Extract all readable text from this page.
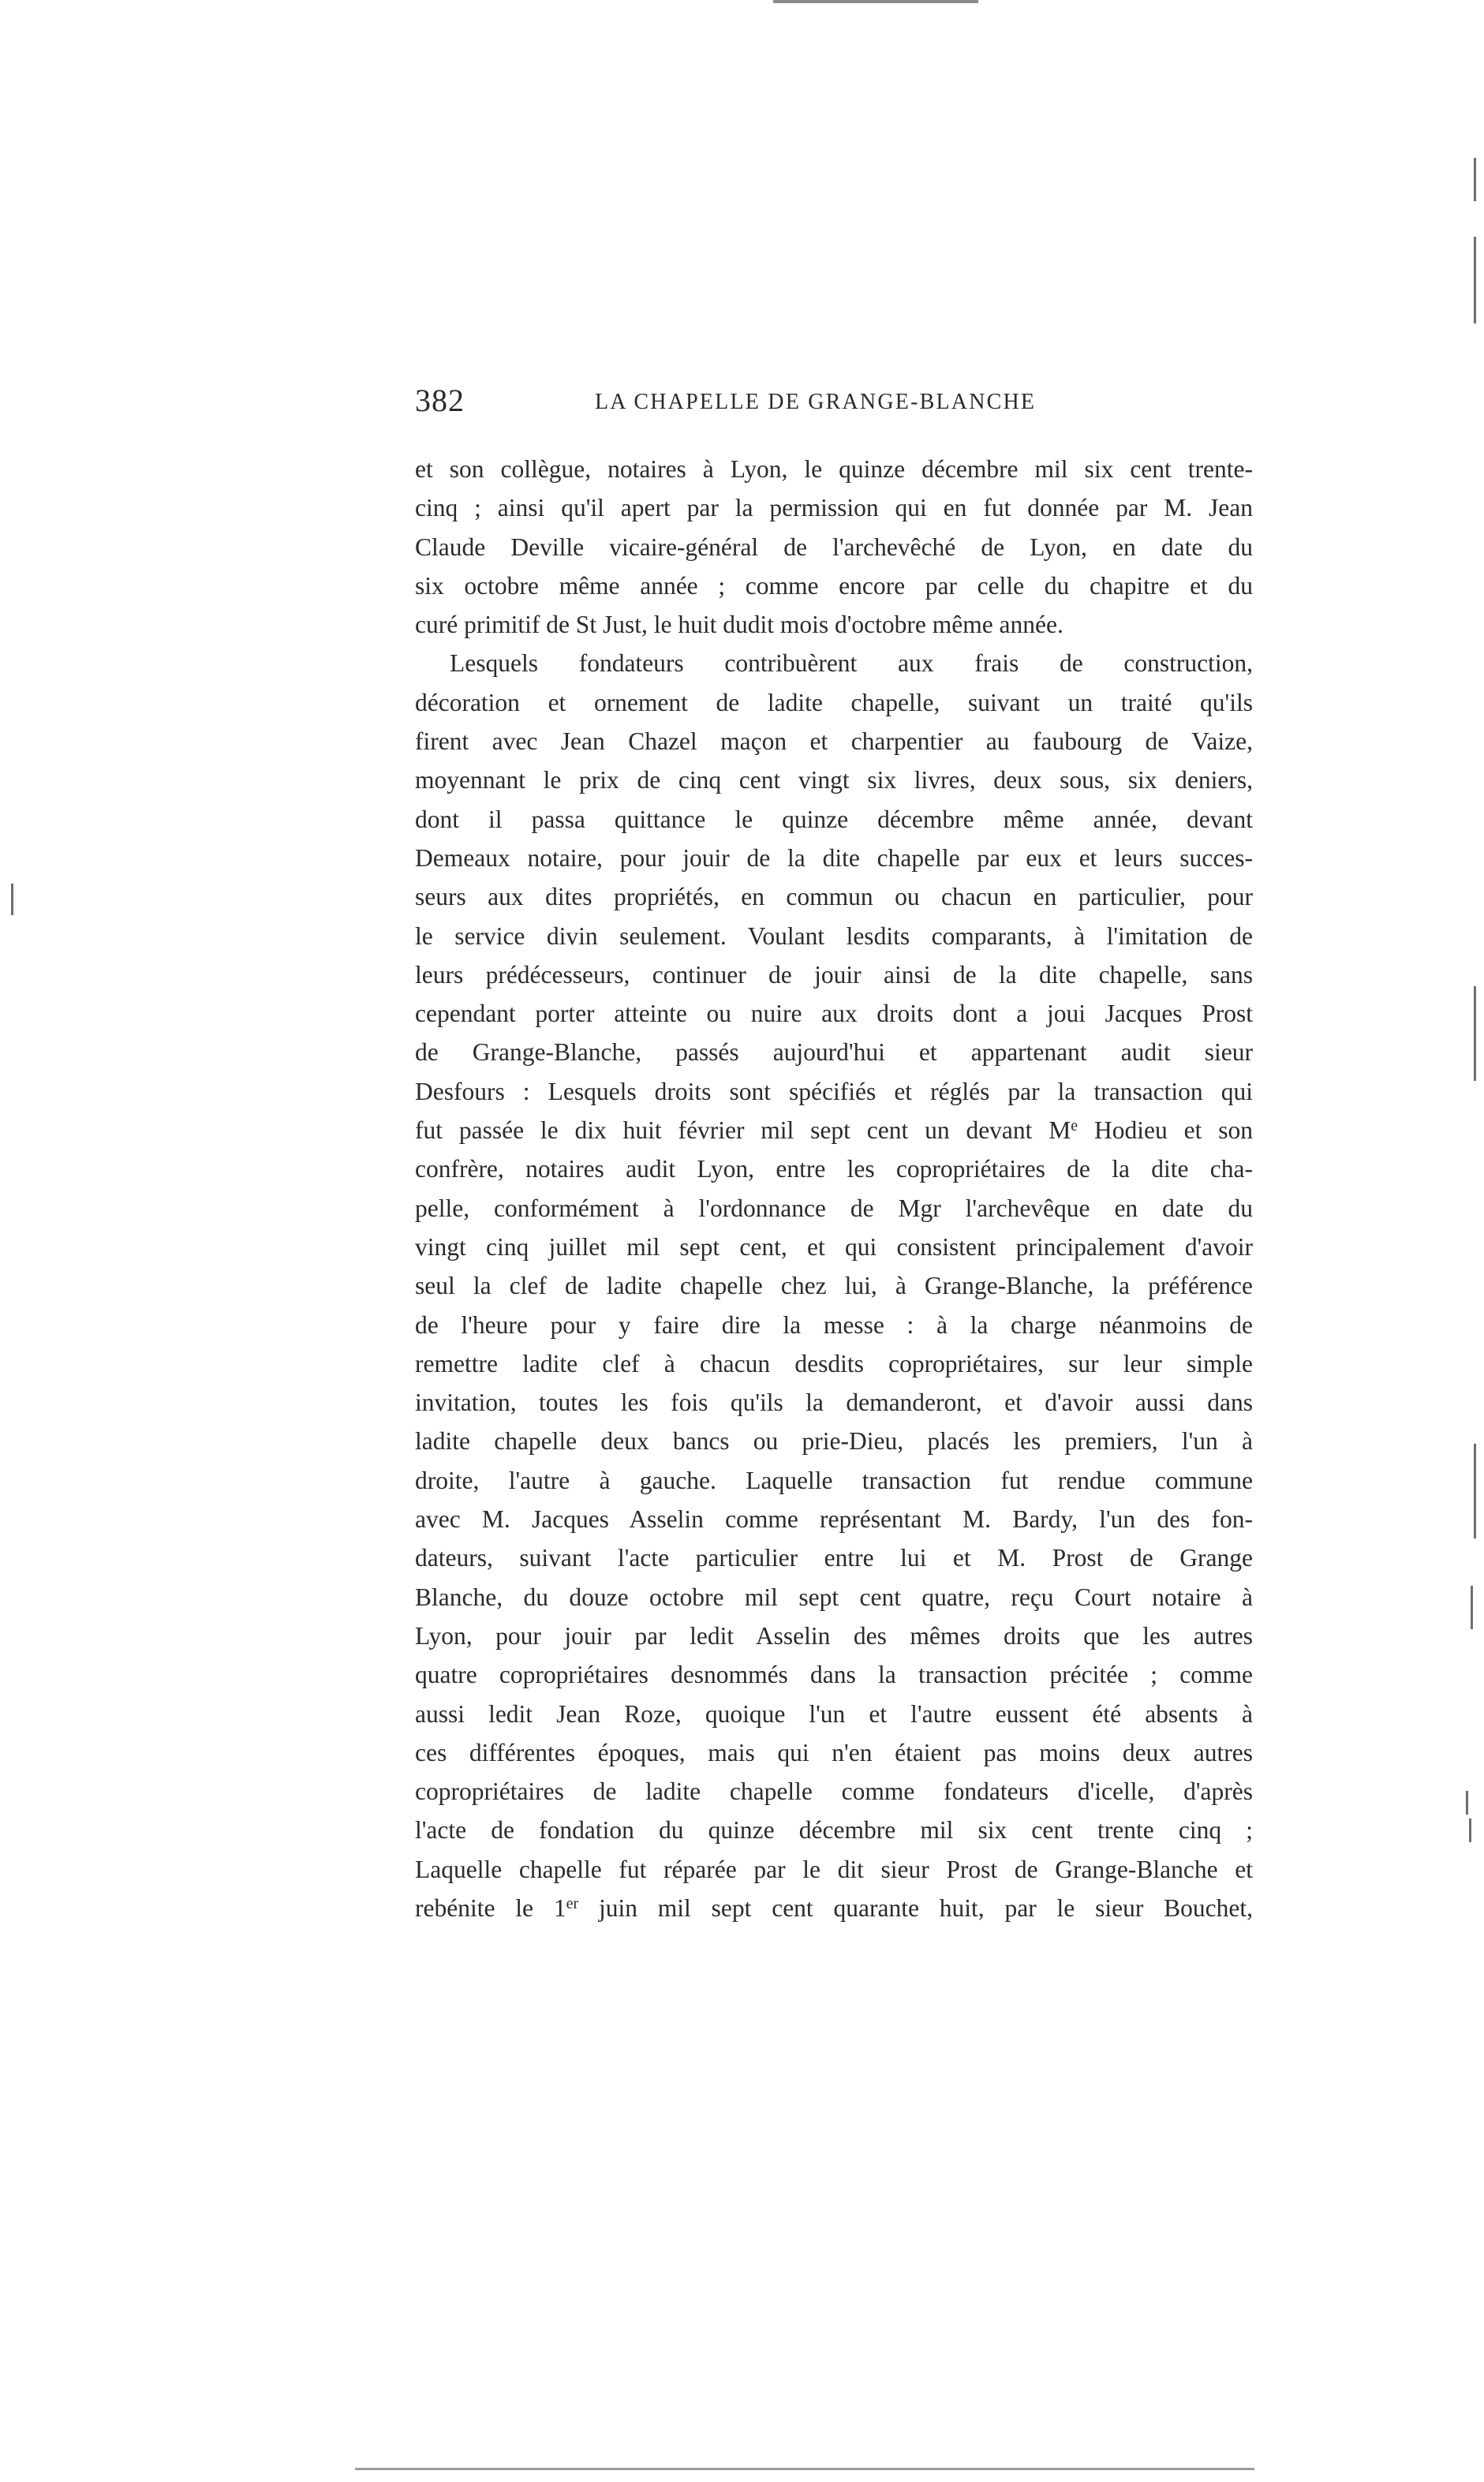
382	LA CHAPELLE DE GRANGE-BLANCHE
et son collègue, notaires à Lyon, le quinze décembre mil six cent trente-
cinq ; ainsi qu'il apert par la permission qui en fut donnée par M. Jean
Claude Deville vicaire-général de l'archevêché de Lyon, en date du
six octobre même année ; comme encore par celle du chapitre et du
curé primitif de St Just, le huit dudit mois d'octobre même année.
Lesquels fondateurs contribuèrent aux frais de construction,
décoration et ornement de ladite chapelle, suivant un traité qu'ils
firent avec Jean Chazel maçon et charpentier au faubourg de Vaize,
moyennant le prix de cinq cent vingt six livres, deux sous, six deniers,
dont il passa quittance le quinze décembre même année, devant
Demeaux notaire, pour jouir de la dite chapelle par eux et leurs succes-
seurs aux dites propriétés, en commun ou chacun en particulier, pour
le service divin seulement. Voulant lesdits comparants, à l'imitation de
leurs prédécesseurs, continuer de jouir ainsi de la dite chapelle, sans
cependant porter atteinte ou nuire aux droits dont a joui Jacques Prost
de Grange-Blanche, passés aujourd'hui et appartenant audit sieur
Desfours : Lesquels droits sont spécifiés et réglés par la transaction qui
fut passée le dix huit février mil sept cent un devant Me Hodieu et son
confrère, notaires audit Lyon, entre les copropriétaires de la dite cha-
pelle, conformément à l'ordonnance de Mgr l'archevêque en date du
vingt cinq juillet mil sept cent, et qui consistent principalement d'avoir
seul la clef de ladite chapelle chez lui, à Grange-Blanche, la préférence
de l'heure pour y faire dire la messe : à la charge néanmoins de
remettre ladite clef à chacun desdits copropriétaires, sur leur simple
invitation, toutes les fois qu'ils la demanderont, et d'avoir aussi dans
ladite chapelle deux bancs ou prie-Dieu, placés les premiers, l'un à
droite, l'autre à gauche. Laquelle transaction fut rendue commune
avec M. Jacques Asselin comme représentant M. Bardy, l'un des fon-
dateurs, suivant l'acte particulier entre lui et M. Prost de Grange
Blanche, du douze octobre mil sept cent quatre, reçu Court notaire à
Lyon, pour jouir par ledit Asselin des mêmes droits que les autres
quatre copropriétaires desnommés dans la transaction précitée ; comme
aussi ledit Jean Roze, quoique l'un et l'autre eussent été absents à
ces différentes époques, mais qui n'en étaient pas moins deux autres
copropriétaires de ladite chapelle comme fondateurs d'icelle, d'après
l'acte de fondation du quinze décembre mil six cent trente cinq ;
Laquelle chapelle fut réparée par le dit sieur Prost de Grange-Blanche et
rebénite le 1er juin mil sept cent quarante huit, par le sieur Bouchet,
